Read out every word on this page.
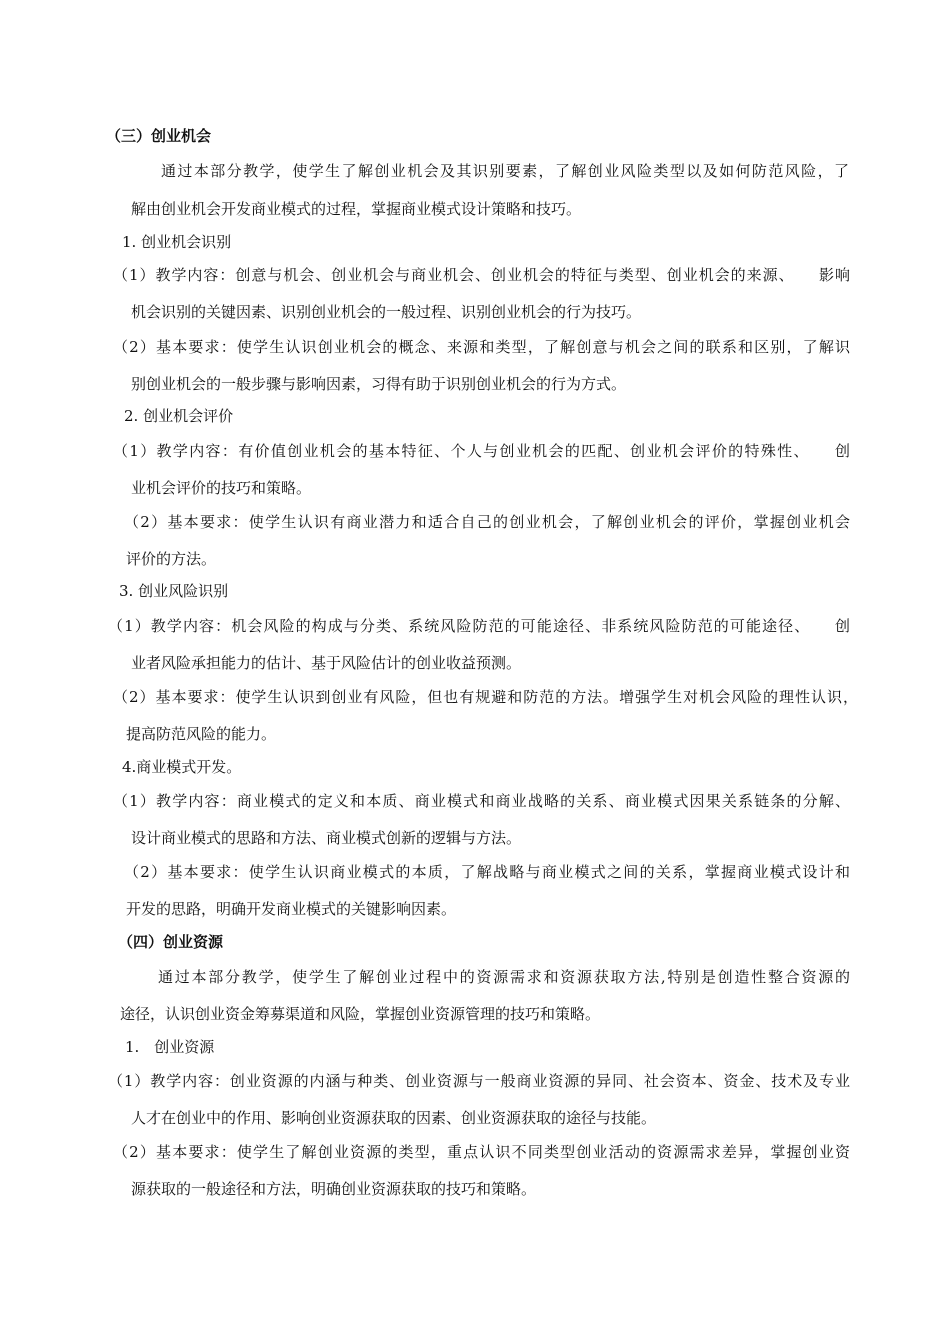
（三）创业机会
通过本部分教学，使学生了解创业机会及其识别要素，了解创业风险类型以及如何防范风险，了
解由创业机会开发商业模式的过程，掌握商业模式设计策略和技巧。
1. 创业机会识别
（1）教学内容：创意与机会、创业机会与商业机会、创业机会的特征与类型、创业机会的来源、　　影响
机会识别的关键因素、识别创业机会的一般过程、识别创业机会的行为技巧。
（2）基本要求：使学生认识创业机会的概念、来源和类型，了解创意与机会之间的联系和区别，了解识
别创业机会的一般步骤与影响因素，习得有助于识别创业机会的行为方式。
2. 创业机会评价
（1）教学内容：有价值创业机会的基本特征、个人与创业机会的匹配、创业机会评价的特殊性、　　创
业机会评价的技巧和策略。
（2）基本要求：使学生认识有商业潜力和适合自己的创业机会，了解创业机会的评价，掌握创业机会
评价的方法。
3. 创业风险识别
（1）教学内容：机会风险的构成与分类、系统风险防范的可能途径、非系统风险防范的可能途径、　　创
业者风险承担能力的估计、基于风险估计的创业收益预测。
（2）基本要求：使学生认识到创业有风险，但也有规避和防范的方法。增强学生对机会风险的理性认识，
提高防范风险的能力。
4.商业模式开发。
（1）教学内容：商业模式的定义和本质、商业模式和商业战略的关系、商业模式因果关系链条的分解、
设计商业模式的思路和方法、商业模式创新的逻辑与方法。
（2）基本要求：使学生认识商业模式的本质，了解战略与商业模式之间的关系，掌握商业模式设计和
开发的思路，明确开发商业模式的关键影响因素。
（四）创业资源
通过本部分教学，使学生了解创业过程中的资源需求和资源获取方法,特别是创造性整合资源的
途径，认识创业资金筹募渠道和风险，掌握创业资源管理的技巧和策略。
1.　创业资源
（1）教学内容：创业资源的内涵与种类、创业资源与一般商业资源的异同、社会资本、资金、技术及专业
人才在创业中的作用、影响创业资源获取的因素、创业资源获取的途径与技能。
（2）基本要求：使学生了解创业资源的类型，重点认识不同类型创业活动的资源需求差异，掌握创业资
源获取的一般途径和方法，明确创业资源获取的技巧和策略。
